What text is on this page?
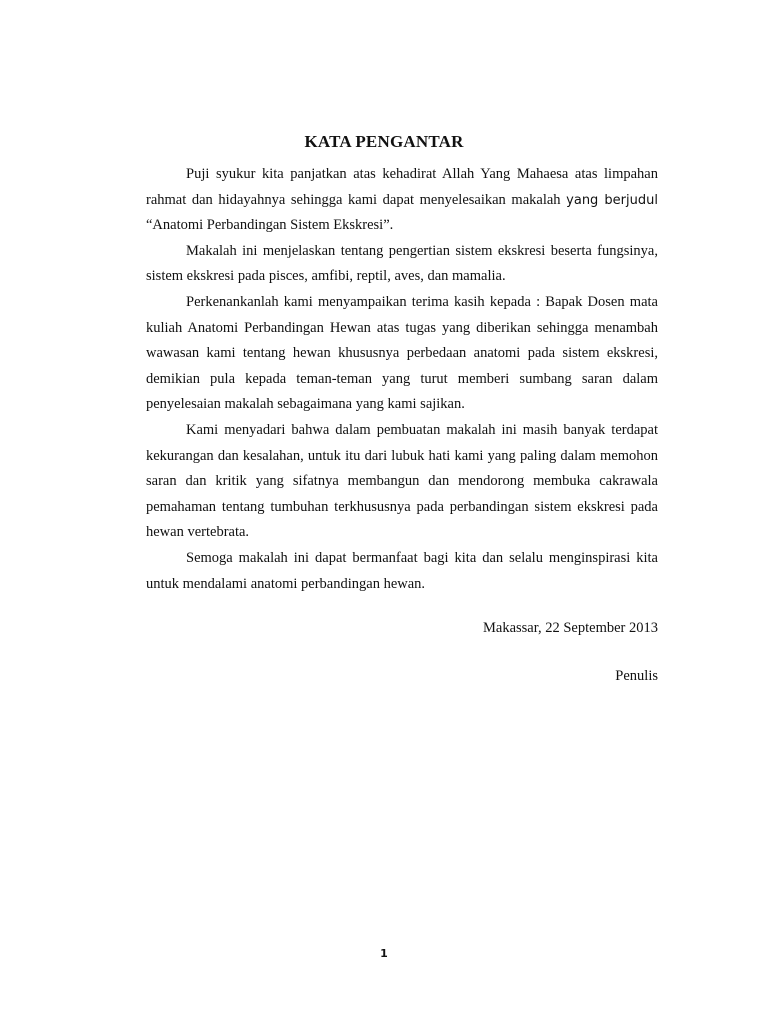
KATA PENGANTAR

Puji syukur kita panjatkan atas kehadirat Allah Yang Mahaesa atas limpahan rahmat dan hidayahnya sehingga kami dapat menyelesaikan makalah yang berjudul “Anatomi Perbandingan Sistem Ekskresi”.

Makalah ini menjelaskan tentang pengertian sistem ekskresi beserta fungsinya, sistem ekskresi pada pisces, amfibi, reptil, aves, dan mamalia.

Perkenankanlah kami menyampaikan terima kasih kepada : Bapak Dosen mata kuliah Anatomi Perbandingan Hewan atas tugas yang diberikan sehingga menambah wawasan kami tentang hewan khususnya perbedaan anatomi pada sistem ekskresi, demikian pula kepada teman-teman yang turut memberi sumbang saran dalam penyelesaian makalah sebagaimana yang kami sajikan.

Kami menyadari bahwa dalam pembuatan makalah ini masih banyak terdapat kekurangan dan kesalahan, untuk itu dari lubuk hati kami yang paling dalam memohon saran dan kritik yang sifatnya membangun dan mendorong membuka cakrawala pemahaman tentang tumbuhan terkhususnya pada perbandingan sistem ekskresi pada hewan vertebrata.

Semoga makalah ini dapat bermanfaat bagi kita dan selalu menginspirasi kita untuk mendalami anatomi perbandingan hewan.

Makassar, 22 September 2013
Penulis
1
